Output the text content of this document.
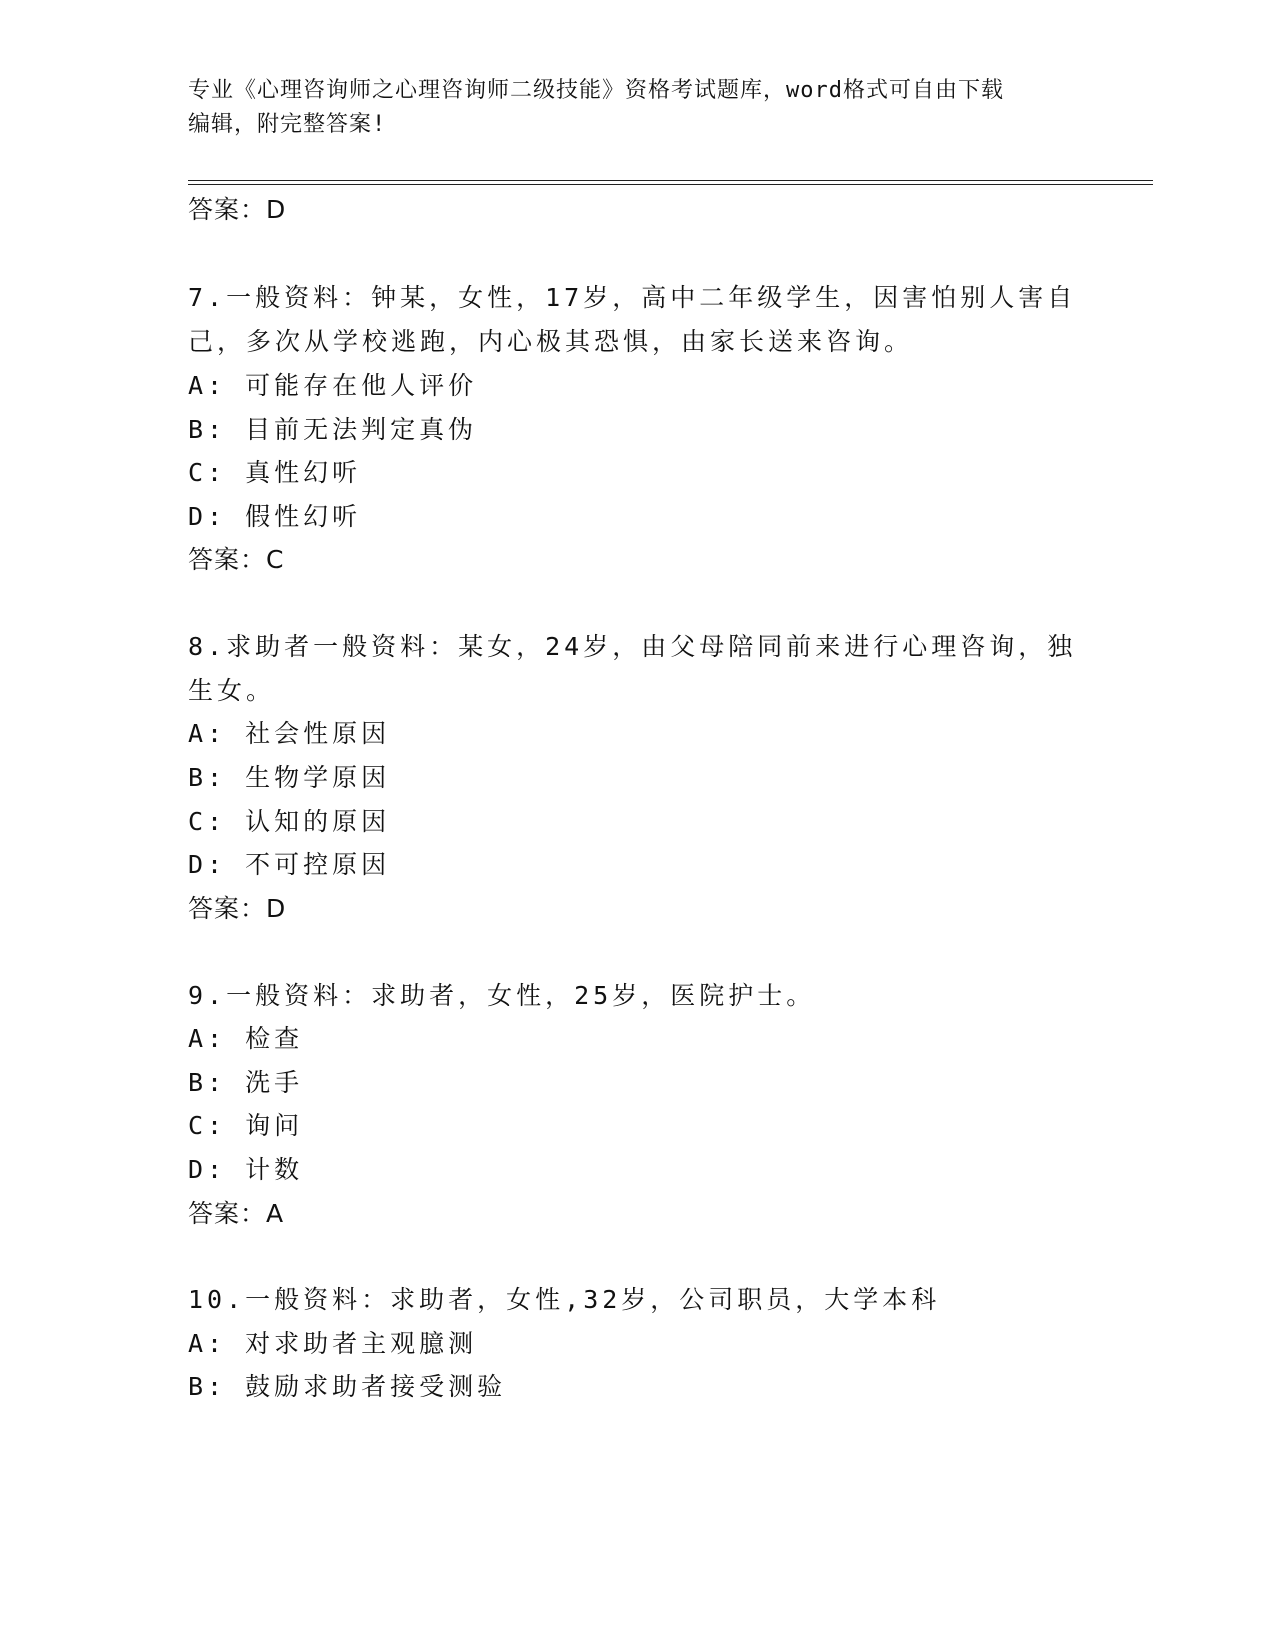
专业《心理咨询师之心理咨询师二级技能》资格考试题库，word格式可自由下载
编辑，附完整答案!
答案：D
7.一般资料：钟某，女性，17岁，高中二年级学生，因害怕别人害自
己，多次从学校逃跑，内心极其恐惧，由家长送来咨询。
A: 可能存在他人评价
B: 目前无法判定真伪
C: 真性幻听
D: 假性幻听
答案：C
8.求助者一般资料：某女，24岁，由父母陪同前来进行心理咨询，独
生女。
A: 社会性原因
B: 生物学原因
C: 认知的原因
D: 不可控原因
答案：D
9.一般资料：求助者，女性，25岁，医院护士。
A: 检查
B: 洗手
C: 询问
D: 计数
答案：A
10.一般资料：求助者，女性,32岁，公司职员，大学本科
A: 对求助者主观臆测
B: 鼓励求助者接受测验
